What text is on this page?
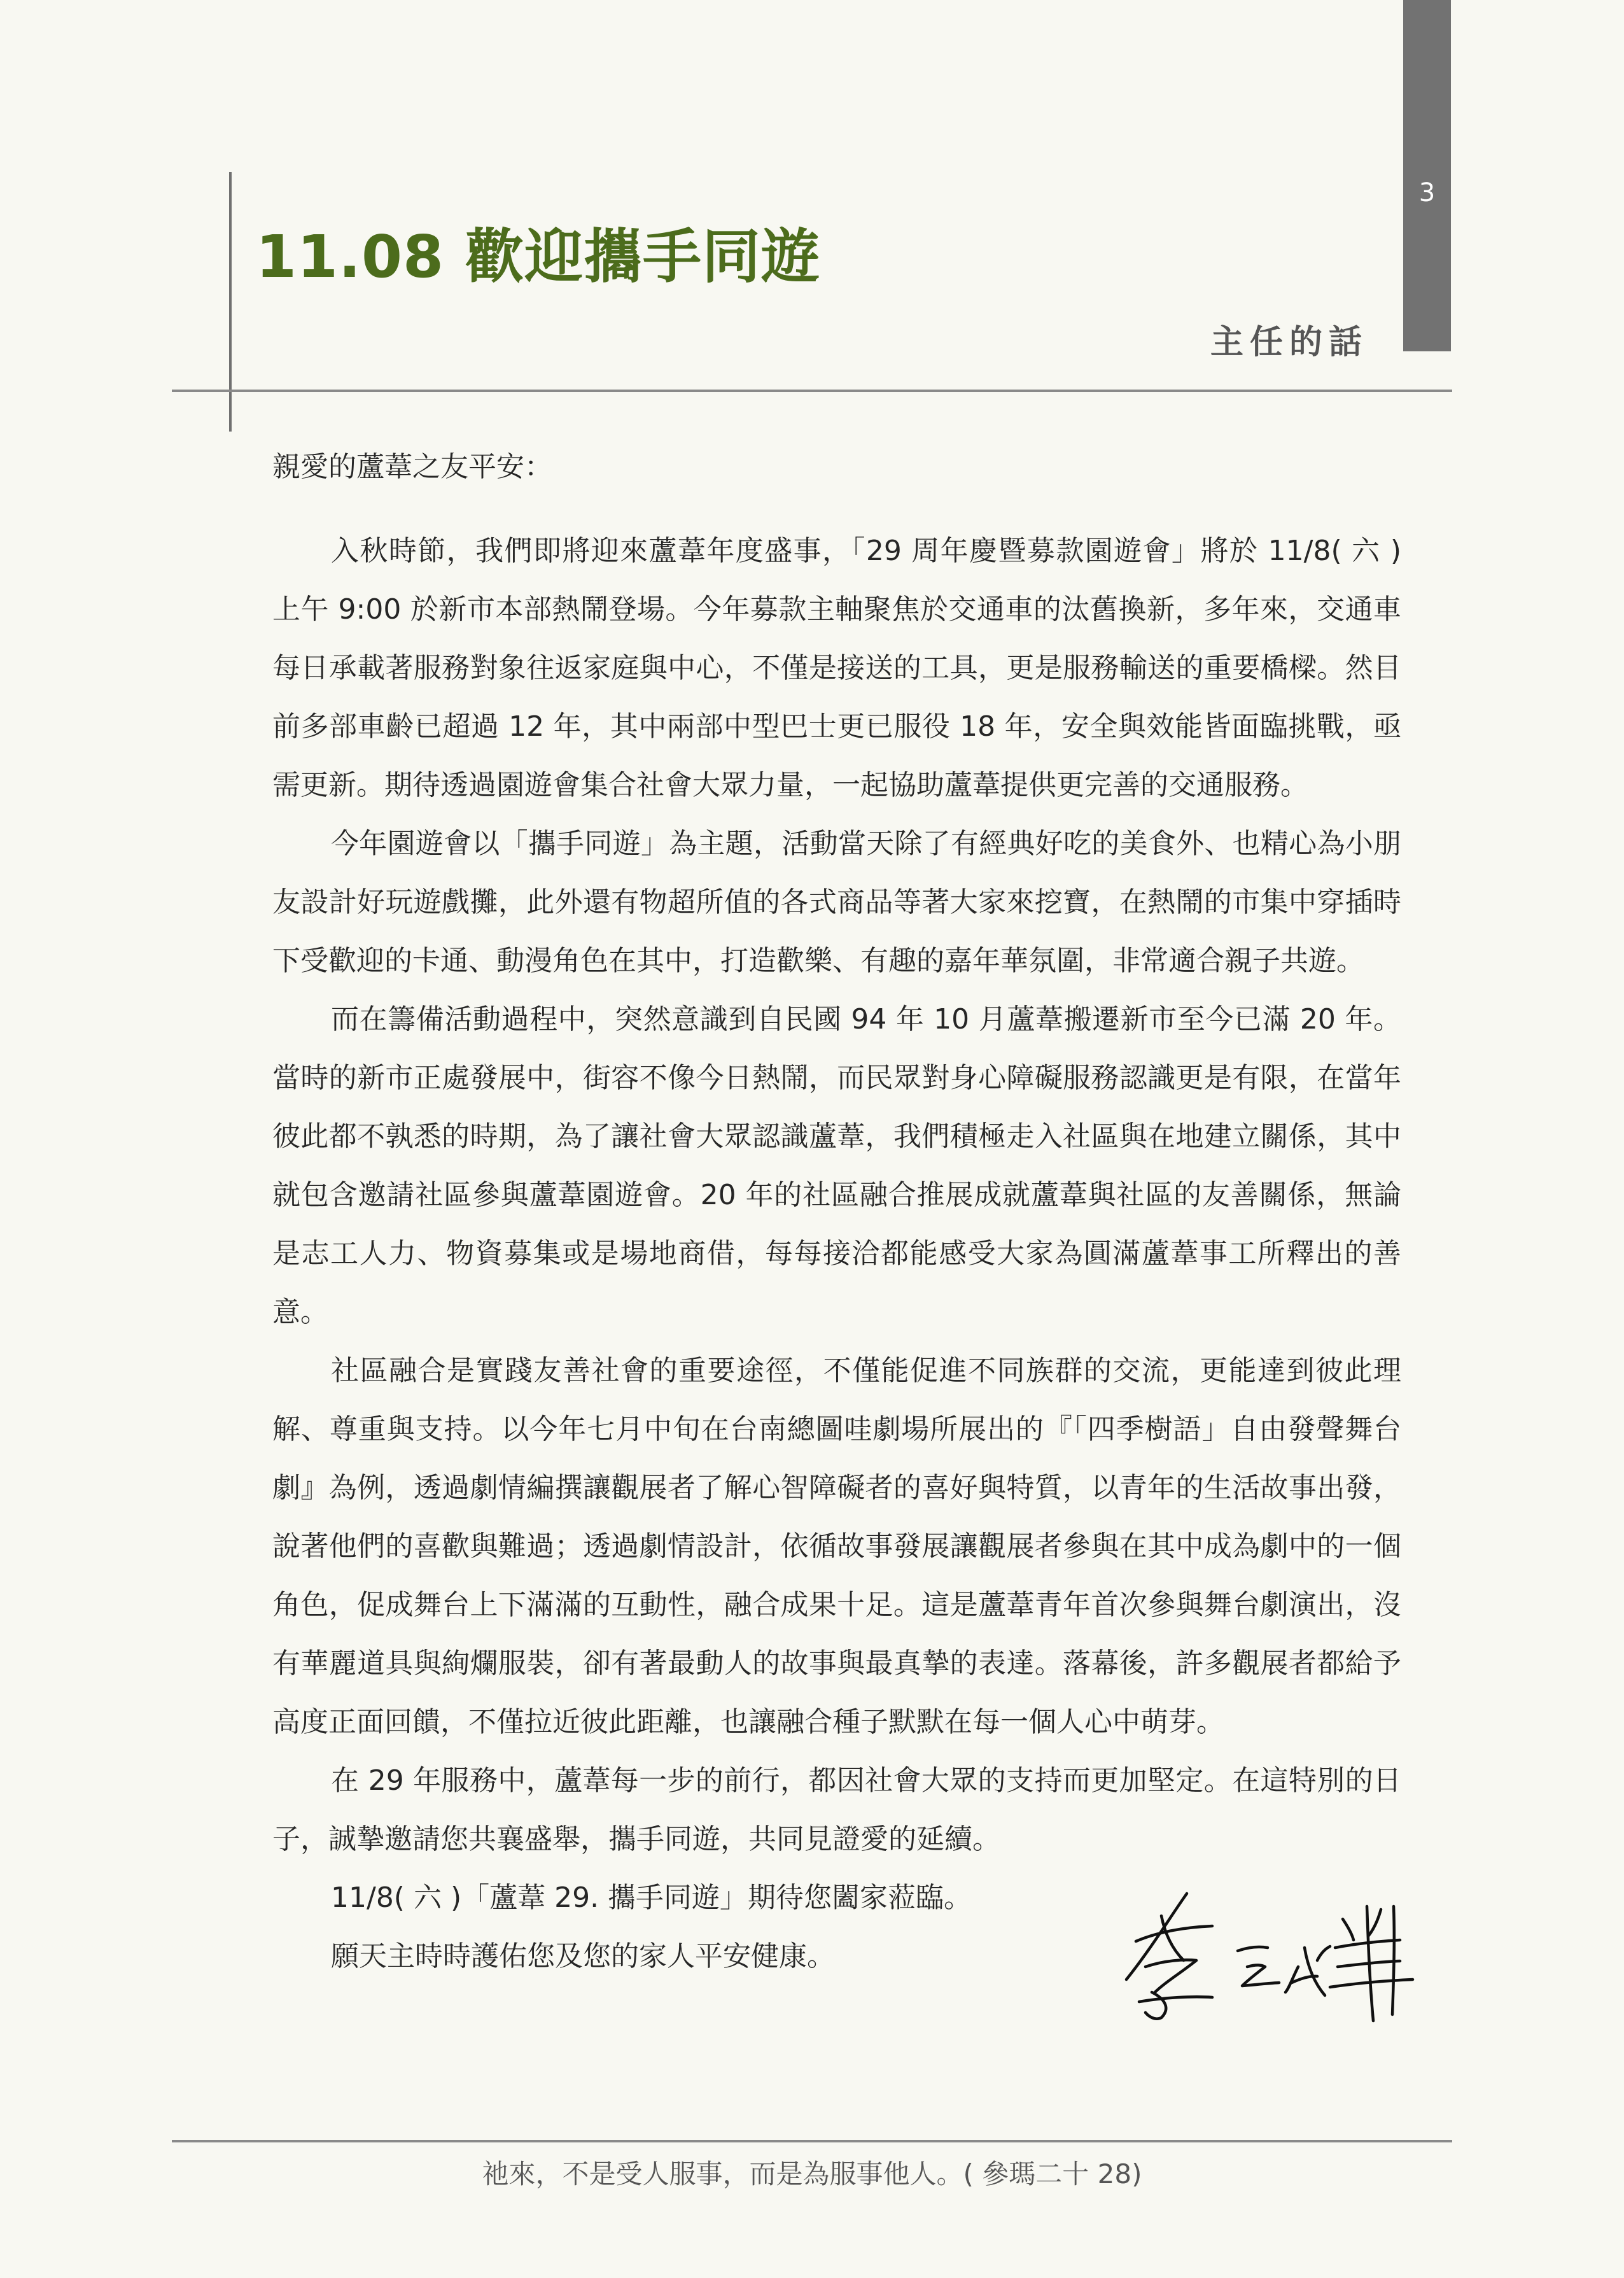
3
11.08 歡迎攜手同遊
主任的話

親愛的蘆葦之友平安：

入秋時節，我們即將迎來蘆葦年度盛事，「29 周年慶暨募款園遊會」將於 11/8( 六 ) 上午 9:00 於新市本部熱鬧登場。今年募款主軸聚焦於交通車的汰舊換新，多年來，交通車每日承載著服務對象往返家庭與中心，不僅是接送的工具，更是服務輸送的重要橋樑。然目前多部車齡已超過 12 年，其中兩部中型巴士更已服役 18 年，安全與效能皆面臨挑戰，亟需更新。期待透過園遊會集合社會大眾力量，一起協助蘆葦提供更完善的交通服務。

今年園遊會以「攜手同遊」為主題，活動當天除了有經典好吃的美食外、也精心為小朋友設計好玩遊戲攤，此外還有物超所值的各式商品等著大家來挖寶，在熱鬧的市集中穿插時下受歡迎的卡通、動漫角色在其中，打造歡樂、有趣的嘉年華氛圍，非常適合親子共遊。

而在籌備活動過程中，突然意識到自民國 94 年 10 月蘆葦搬遷新市至今已滿 20 年。當時的新市正處發展中，街容不像今日熱鬧，而民眾對身心障礙服務認識更是有限，在當年彼此都不孰悉的時期，為了讓社會大眾認識蘆葦，我們積極走入社區與在地建立關係，其中就包含邀請社區參與蘆葦園遊會。20 年的社區融合推展成就蘆葦與社區的友善關係，無論是志工人力、物資募集或是場地商借，每每接洽都能感受大家為圓滿蘆葦事工所釋出的善意。

社區融合是實踐友善社會的重要途徑，不僅能促進不同族群的交流，更能達到彼此理解、尊重與支持。以今年七月中旬在台南總圖哇劇場所展出的『「四季樹語」自由發聲舞台劇』為例，透過劇情編撰讓觀展者了解心智障礙者的喜好與特質，以青年的生活故事出發，說著他們的喜歡與難過；透過劇情設計，依循故事發展讓觀展者參與在其中成為劇中的一個角色，促成舞台上下滿滿的互動性，融合成果十足。這是蘆葦青年首次參與舞台劇演出，沒有華麗道具與絢爛服裝，卻有著最動人的故事與最真摯的表達。落幕後，許多觀展者都給予高度正面回饋，不僅拉近彼此距離，也讓融合種子默默在每一個人心中萌芽。

在 29 年服務中，蘆葦每一步的前行，都因社會大眾的支持而更加堅定。在這特別的日子，誠摯邀請您共襄盛舉，攜手同遊，共同見證愛的延續。

11/8( 六 )「蘆葦 29. 攜手同遊」期待您闔家蒞臨。

願天主時時護佑您及您的家人平安健康。

祂來，不是受人服事，而是為服事他人。( 參瑪二十 28)
